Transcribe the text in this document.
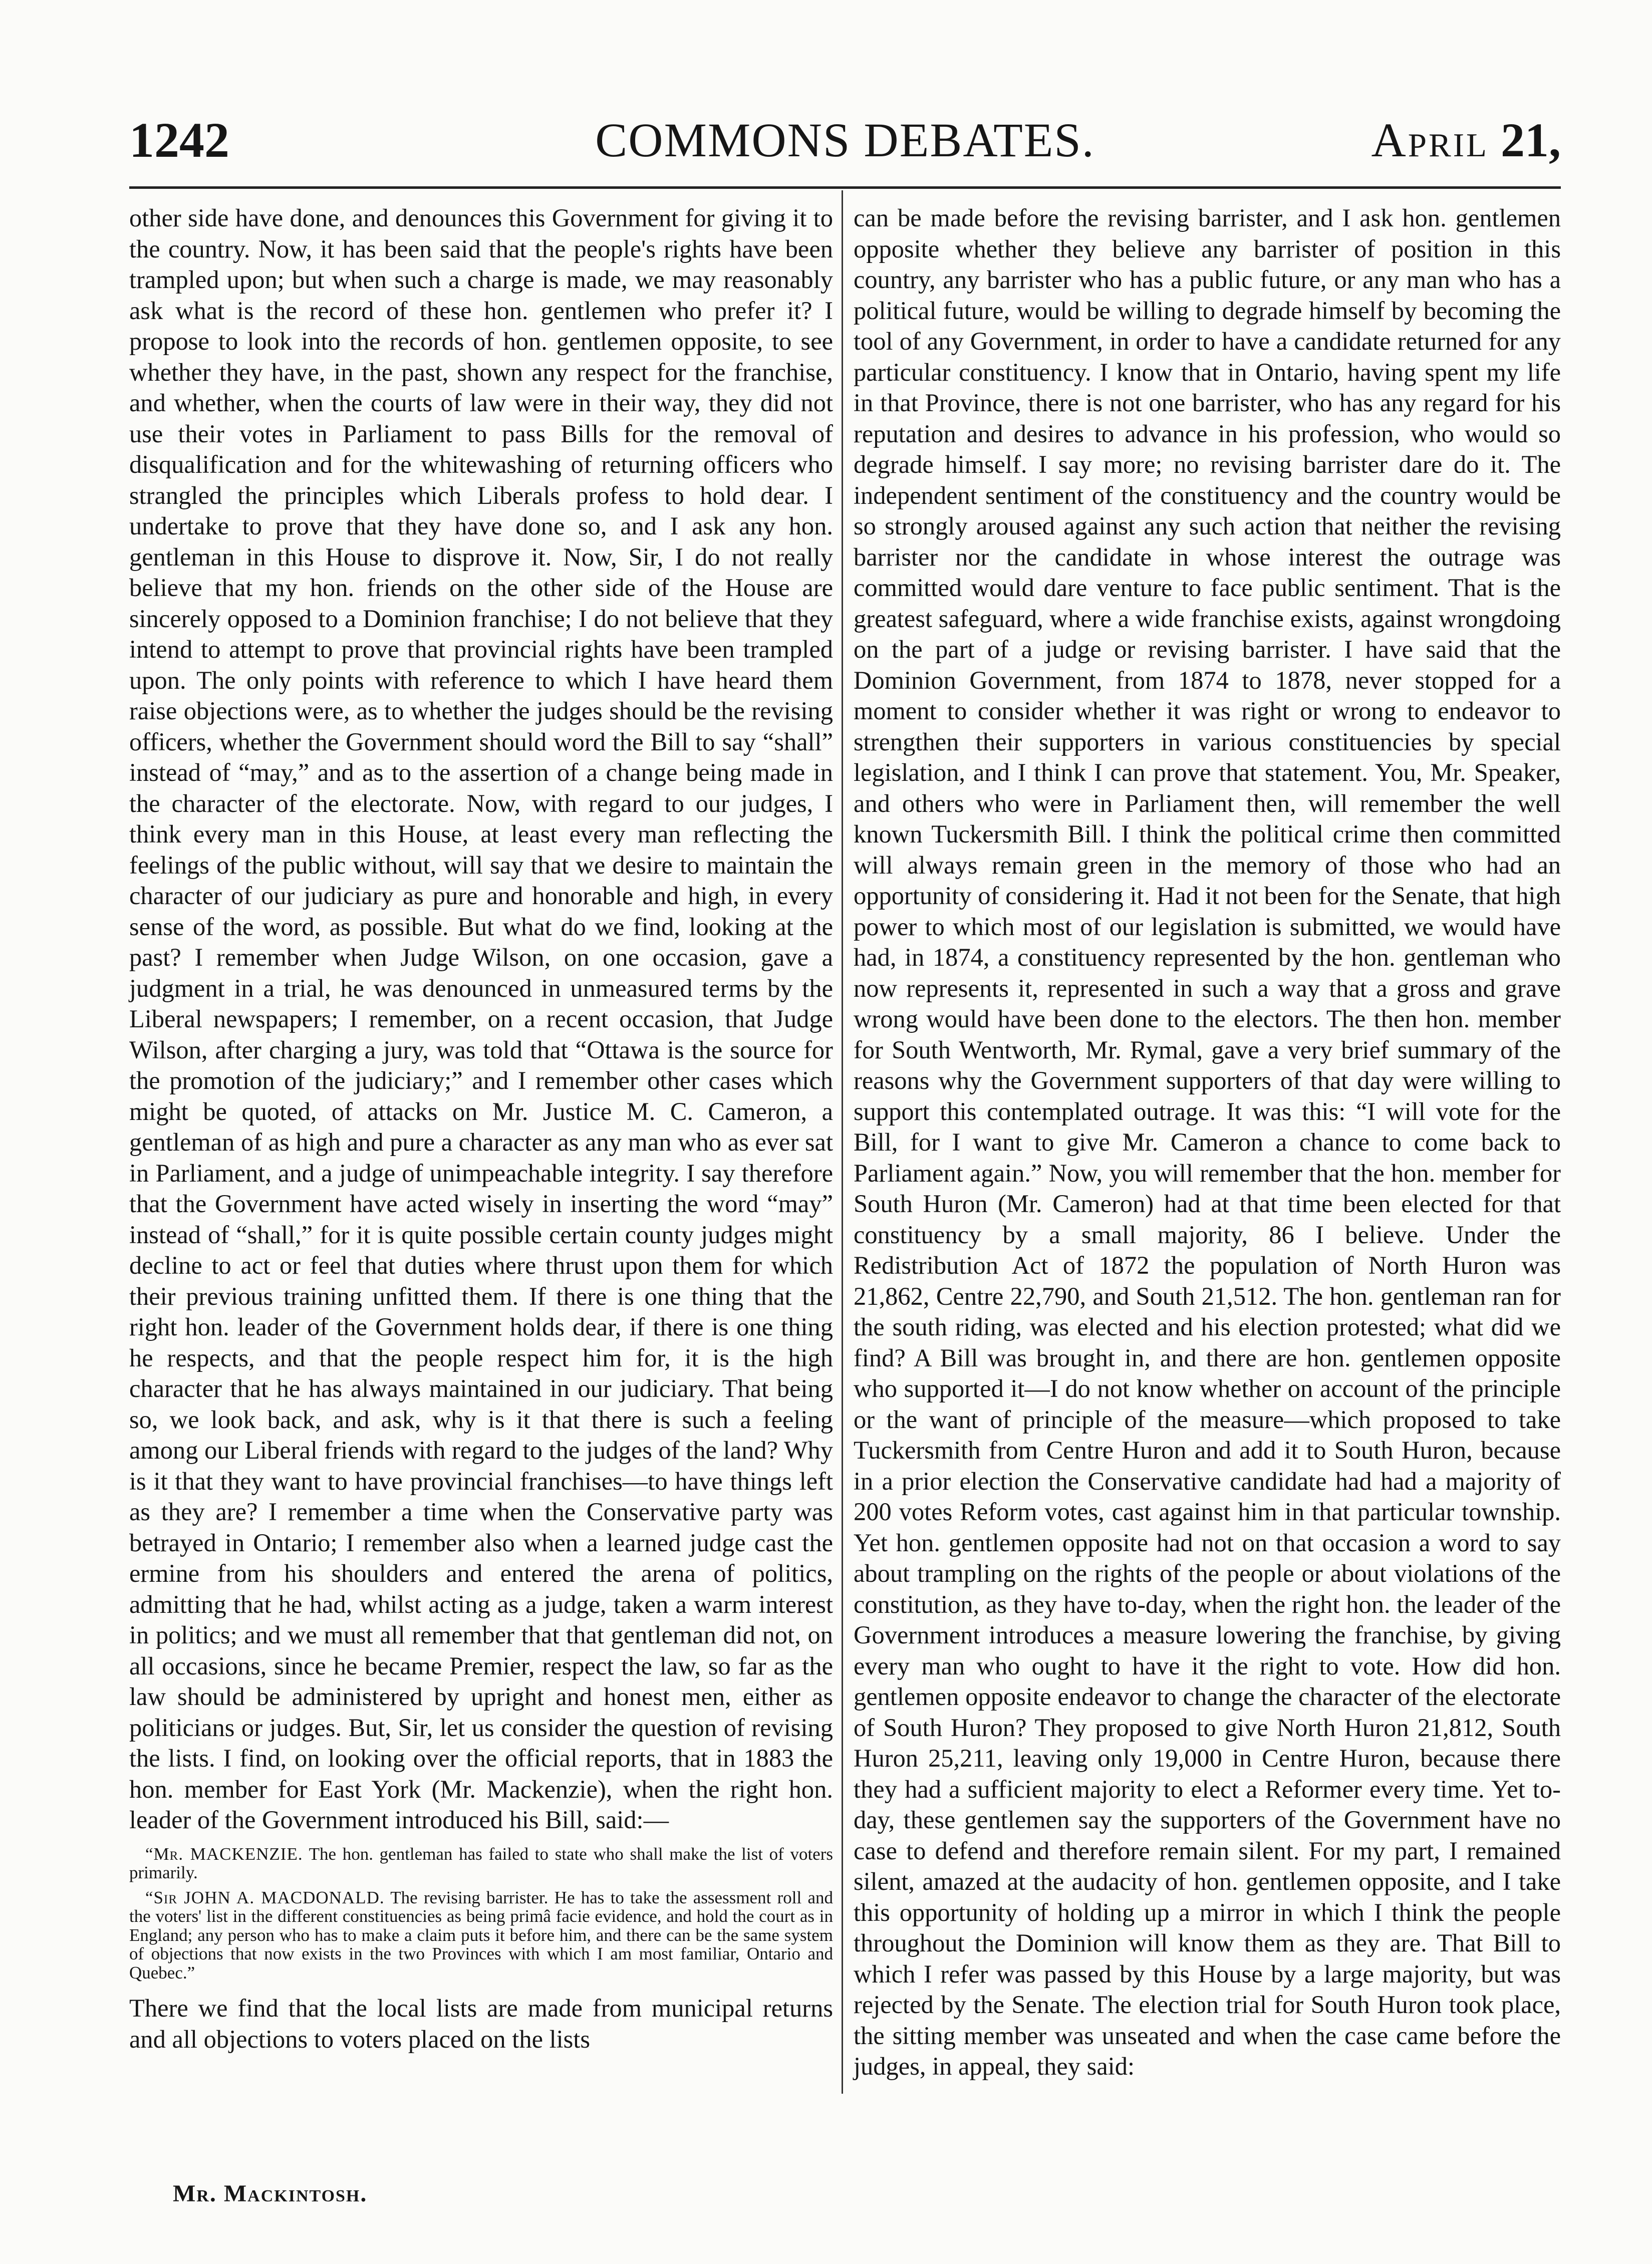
COMMONS DEBATES.
1242	April 21,

other side have done, and denounces this Government for giving it to the country. Now, it has been said that the people's rights have been trampled upon; but when such a charge is made, we may reasonably ask what is the record of these hon. gentlemen who prefer it? I propose to look into the records of hon. gentlemen opposite, to see whether they have, in the past, shown any respect for the franchise, and whether, when the courts of law were in their way, they did not use their votes in Parliament to pass Bills for the removal of disqualification and for the whitewashing of returning officers who strangled the principles which Liberals profess to hold dear. I undertake to prove that they have done so, and I ask any hon. gentleman in this House to disprove it. Now, Sir, I do not really believe that my hon. friends on the other side of the House are sincerely opposed to a Dominion franchise; I do not believe that they intend to attempt to prove that provincial rights have been trampled upon. The only points with reference to which I have heard them raise objections were, as to whether the judges should be the revising officers, whether the Government should word the Bill to say “shall” instead of “may,” and as to the assertion of a change being made in the character of the electorate. Now, with regard to our judges, I think every man in this House, at least every man reflecting the feelings of the public without, will say that we desire to maintain the character of our judiciary as pure and honorable and high, in every sense of the word, as possible. But what do we find, looking at the past? I remember when Judge Wilson, on one occasion, gave a judgment in a trial, he was denounced in unmeasured terms by the Liberal newspapers; I remember, on a recent occasion, that Judge Wilson, after charging a jury, was told that “Ottawa is the source for the promotion of the judiciary;” and I remember other cases which might be quoted, of attacks on Mr. Justice M. C. Cameron, a gentleman of as high and pure a character as any man who as ever sat in Parliament, and a judge of unimpeachable integrity. I say therefore that the Government have acted wisely in inserting the word “may” instead of “shall,” for it is quite possible certain county judges might decline to act or feel that duties where thrust upon them for which their previous training unfitted them. If there is one thing that the right hon. leader of the Government holds dear, if there is one thing he respects, and that the people respect him for, it is the high character that he has always maintained in our judiciary. That being so, we look back, and ask, why is it that there is such a feeling among our Liberal friends with regard to the judges of the land? Why is it that they want to have provincial franchises—to have things left as they are? I remember a time when the Conservative party was betrayed in Ontario; I remember also when a learned judge cast the ermine from his shoulders and entered the arena of politics, admitting that he had, whilst acting as a judge, taken a warm interest in politics; and we must all remember that that gentleman did not, on all occasions, since he became Premier, respect the law, so far as the law should be administered by upright and honest men, either as politicians or judges. But, Sir, let us consider the question of revising the lists. I find, on looking over the official reports, that in 1883 the hon. member for East York (Mr. Mackenzie), when the right hon. leader of the Government introduced his Bill, said:—

“Mr. MACKENZIE. The hon. gentleman has failed to state who shall make the list of voters primarily.

“Sir JOHN A. MACDONALD. The revising barrister. He has to take the assessment roll and the voters' list in the different constituencies as being primâ facie evidence, and hold the court as in England; any person who has to make a claim puts it before him, and there can be the same system of objections that now exists in the two Provinces with which I am most familiar, Ontario and Quebec.”

There we find that the local lists are made from municipal returns and all objections to voters placed on the lists

can be made before the revising barrister, and I ask hon. gentlemen opposite whether they believe any barrister of position in this country, any barrister who has a public future, or any man who has a political future, would be willing to degrade himself by becoming the tool of any Government, in order to have a candidate returned for any particular constituency. I know that in Ontario, having spent my life in that Province, there is not one barrister, who has any regard for his reputation and desires to advance in his profession, who would so degrade himself. I say more; no revising barrister dare do it. The independent sentiment of the constituency and the country would be so strongly aroused against any such action that neither the revising barrister nor the candidate in whose interest the outrage was committed would dare venture to face public sentiment. That is the greatest safeguard, where a wide franchise exists, against wrongdoing on the part of a judge or revising barrister. I have said that the Dominion Government, from 1874 to 1878, never stopped for a moment to consider whether it was right or wrong to endeavor to strengthen their supporters in various constituencies by special legislation, and I think I can prove that statement. You, Mr. Speaker, and others who were in Parliament then, will remember the well known Tuckersmith Bill. I think the political crime then committed will always remain green in the memory of those who had an opportunity of considering it. Had it not been for the Senate, that high power to which most of our legislation is submitted, we would have had, in 1874, a constituency represented by the hon. gentleman who now represents it, represented in such a way that a gross and grave wrong would have been done to the electors. The then hon. member for South Wentworth, Mr. Rymal, gave a very brief summary of the reasons why the Government supporters of that day were willing to support this contemplated outrage. It was this: “I will vote for the Bill, for I want to give Mr. Cameron a chance to come back to Parliament again.” Now, you will remember that the hon. member for South Huron (Mr. Cameron) had at that time been elected for that constituency by a small majority, 86 I believe. Under the Redistribution Act of 1872 the population of North Huron was 21,862, Centre 22,790, and South 21,512. The hon. gentleman ran for the south riding, was elected and his election protested; what did we find? A Bill was brought in, and there are hon. gentlemen opposite who supported it—I do not know whether on account of the principle or the want of principle of the measure—which proposed to take Tuckersmith from Centre Huron and add it to South Huron, because in a prior election the Conservative candidate had had a majority of 200 votes Reform votes, cast against him in that particular township. Yet hon. gentlemen opposite had not on that occasion a word to say about trampling on the rights of the people or about violations of the constitution, as they have to-day, when the right hon. the leader of the Government introduces a measure lowering the franchise, by giving every man who ought to have it the right to vote. How did hon. gentlemen opposite endeavor to change the character of the electorate of South Huron? They proposed to give North Huron 21,812, South Huron 25,211, leaving only 19,000 in Centre Huron, because there they had a sufficient majority to elect a Reformer every time. Yet to-day, these gentlemen say the supporters of the Government have no case to defend and therefore remain silent. For my part, I remained silent, amazed at the audacity of hon. gentlemen opposite, and I take this opportunity of holding up a mirror in which I think the people throughout the Dominion will know them as they are. That Bill to which I refer was passed by this House by a large majority, but was rejected by the Senate. The election trial for South Huron took place, the sitting member was unseated and when the case came before the judges, in appeal, they said:

Mr. Mackintosh.
